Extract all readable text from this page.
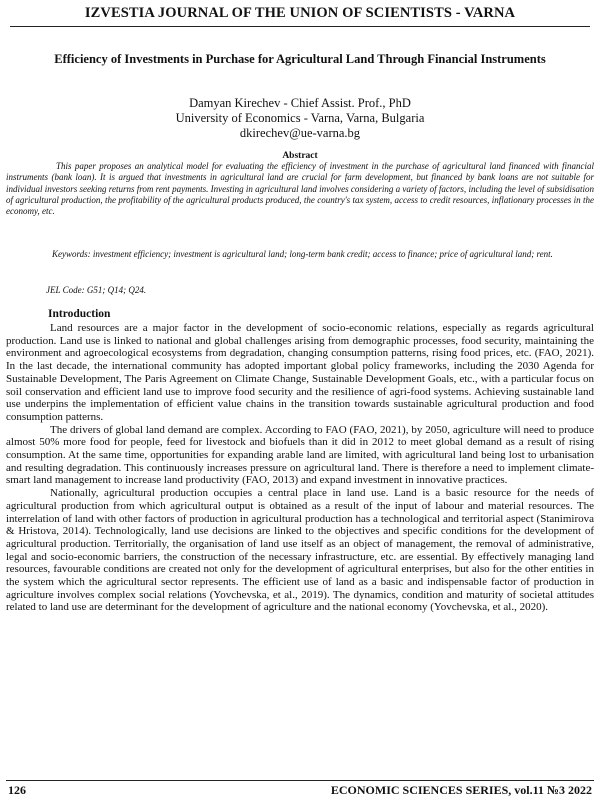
IZVESTIA JOURNAL OF THE UNION OF SCIENTISTS - VARNA
Efficiency of Investments in Purchase for Agricultural Land Through Financial Instruments
Damyan Kirechev - Chief Assist. Prof., PhD
University of Economics - Varna, Varna, Bulgaria
dkirechev@ue-varna.bg
Abstract

This paper proposes an analytical model for evaluating the efficiency of investment in the purchase of agricultural land financed with financial instruments (bank loan). It is argued that investments in agricultural land are crucial for farm development, but financed by bank loans are not suitable for individual investors seeking returns from rent payments. Investing in agricultural land involves considering a variety of factors, including the level of subsidisation of agricultural production, the profitability of the agricultural products produced, the country's tax system, access to credit resources, inflationary processes in the economy, etc.

Keywords: investment efficiency; investment is agricultural land; long-term bank credit; access to finance; price of agricultural land; rent.

JEL Code: G51; Q14; Q24.

Introduction

Land resources are a major factor in the development of socio-economic relations, especially as regards agricultural production. Land use is linked to national and global challenges arising from demographic processes, food security, maintaining the environment and agroecological ecosystems from degradation, changing consumption patterns, rising food prices, etc. (FAO, 2021). In the last decade, the international community has adopted important global policy frameworks, including the 2030 Agenda for Sustainable Development, The Paris Agreement on Climate Change, Sustainable Development Goals, etc., with a particular focus on soil conservation and efficient land use to improve food security and the resilience of agri-food systems. Achieving sustainable land use underpins the implementation of efficient value chains in the transition towards sustainable agricultural production and food consumption patterns.

The drivers of global land demand are complex. According to FAO (FAO, 2021), by 2050, agriculture will need to produce almost 50% more food for people, feed for livestock and biofuels than it did in 2012 to meet global demand as a result of rising consumption. At the same time, opportunities for expanding arable land are limited, with agricultural land being lost to urbanisation and resulting degradation. This continuously increases pressure on agricultural land. There is therefore a need to implement climate-smart land management to increase land productivity (FAO, 2013) and expand investment in innovative practices.

Nationally, agricultural production occupies a central place in land use. Land is a basic resource for the needs of agricultural production from which agricultural output is obtained as a result of the input of labour and material resources. The interrelation of land with other factors of production in agricultural production has a technological and territorial aspect (Stanimirova & Hristova, 2014). Technologically, land use decisions are linked to the objectives and specific conditions for the development of agricultural production. Territorially, the organisation of land use itself as an object of management, the removal of administrative, legal and socio-economic barriers, the construction of the necessary infrastructure, etc. are essential. By effectively managing land resources, favourable conditions are created not only for the development of agricultural enterprises, but also for the other entities in the system which the agricultural sector represents. The efficient use of land as a basic and indispensable factor of production in agriculture involves complex social relations (Yovchevska, et al., 2019). The dynamics, condition and maturity of societal attitudes related to land use are determinant for the development of agriculture and the national economy (Yovchevska, et al., 2020).

126	ECONOMIC SCIENCES SERIES, vol.11 №3 2022
